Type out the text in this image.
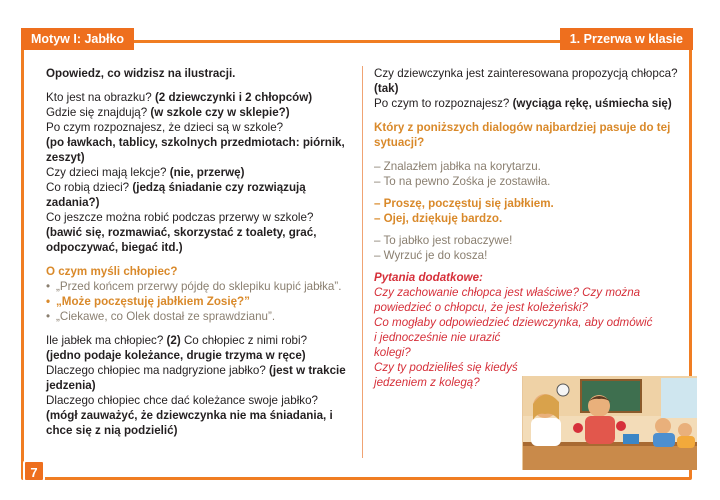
Motyw I: Jabłko	1. Przerwa w klasie

Opowiedz, co widzisz na ilustracji.

Kto jest na obrazku? (2 dziewczynki i 2 chłopców)

Gdzie się znajdują? (w szkole czy w sklepie?)

Po czym rozpoznajesz, że dzieci są w szkole?
(po ławkach, tablicy, szkolnych przedmiotach: piórnik, zeszyt)

Czy dzieci mają lekcje? (nie, przerwę)

Co robią dzieci? (jedzą śniadanie czy rozwiązują zadania?)

Co jeszcze można robić podczas przerwy w szkole?
(bawić się, rozmawiać, skorzystać z toalety, grać, odpoczywać, biegać itd.)

O czym myśli chłopiec?

• „Przed końcem przerwy pójdę do sklepiku kupić jabłka”.
• „Może poczęstuję jabłkiem Zosię?”
• „Ciekawe, co Olek dostał ze sprawdzianu”.

Ile jabłek ma chłopiec? (2) Co chłopiec z nimi robi?
(jedno podaje koleżance, drugie trzyma w ręce)

Dlaczego chłopiec ma nadgryzione jabłko? (jest w trakcie jedzenia)

Dlaczego chłopiec chce dać koleżance swoje jabłko?
(mógł zauważyć, że dziewczynka nie ma śniadania, i chce się z nią podzielić)

Czy dziewczynka jest zainteresowana propozycją chłopca? (tak)

Po czym to rozpoznajesz? (wyciąga rękę, uśmiecha się)

Który z poniższych dialogów najbardziej pasuje do tej sytuacji?

– Znalazłem jabłka na korytarzu.

– To na pewno Zośka je zostawiła.

– Proszę, poczęstuj się jabłkiem.

– Ojej, dziękuję bardzo.

– To jabłko jest robaczywe!

– Wyrzuć je do kosza!

Pytania dodatkowe:

Czy zachowanie chłopca jest właściwe? Czy można powiedzieć o chłopcu, że jest koleżeński?

Co mogłaby odpowiedzieć dziewczynka, aby odmówić i jednocześnie nie urazić
kolegi?

Czy ty podzieliłeś się kiedyś
jedzeniem z kolegą?

7
